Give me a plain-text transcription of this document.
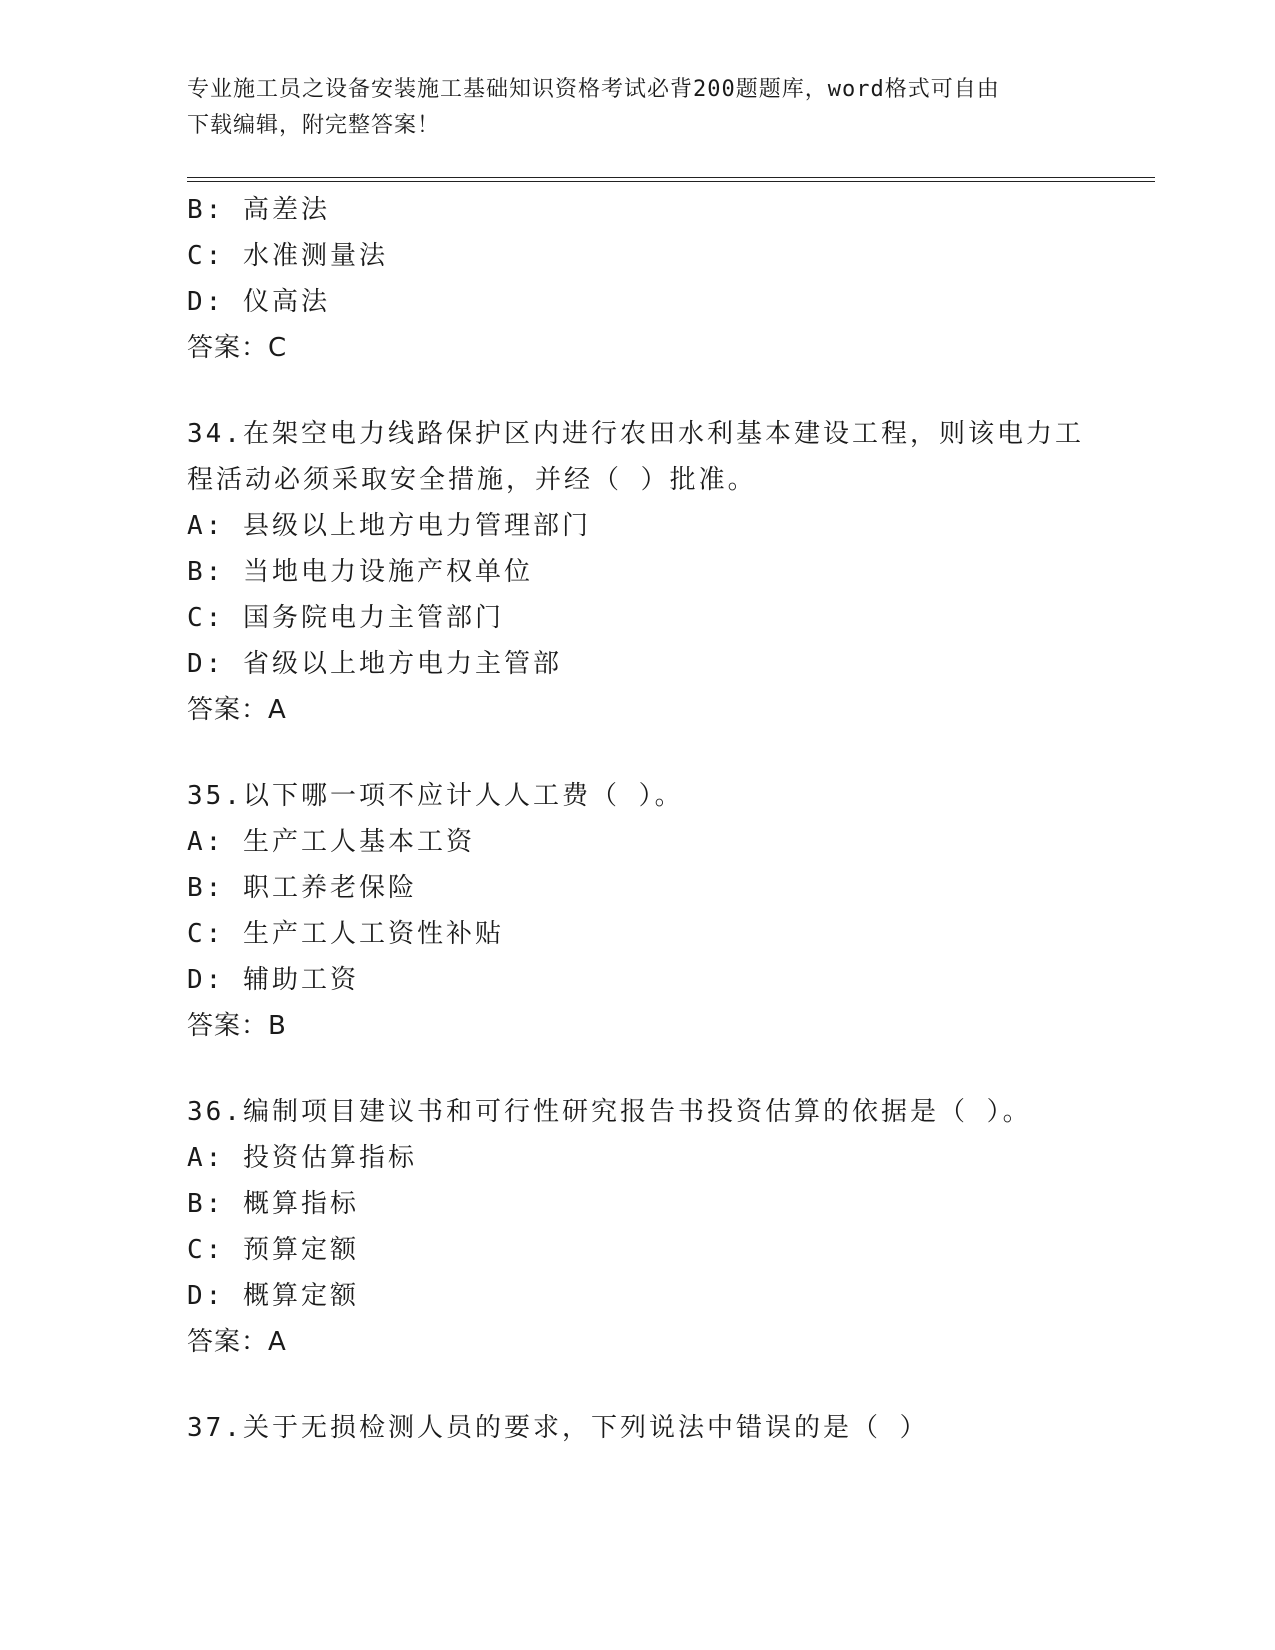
专业施工员之设备安装施工基础知识资格考试必背200题题库，word格式可自由
下载编辑，附完整答案！
B: 高差法
C: 水准测量法
D: 仪高法
答案：C
34.在架空电力线路保护区内进行农田水利基本建设工程，则该电力工
程活动必须采取安全措施，并经（ ）批准。
A: 县级以上地方电力管理部门
B: 当地电力设施产权单位
C: 国务院电力主管部门
D: 省级以上地方电力主管部
答案：A
35.以下哪一项不应计人人工费（ ）。
A: 生产工人基本工资
B: 职工养老保险
C: 生产工人工资性补贴
D: 辅助工资
答案：B
36.编制项目建议书和可行性研究报告书投资估算的依据是（ ）。
A: 投资估算指标
B: 概算指标
C: 预算定额
D: 概算定额
答案：A
37.关于无损检测人员的要求，下列说法中错误的是（ ）
